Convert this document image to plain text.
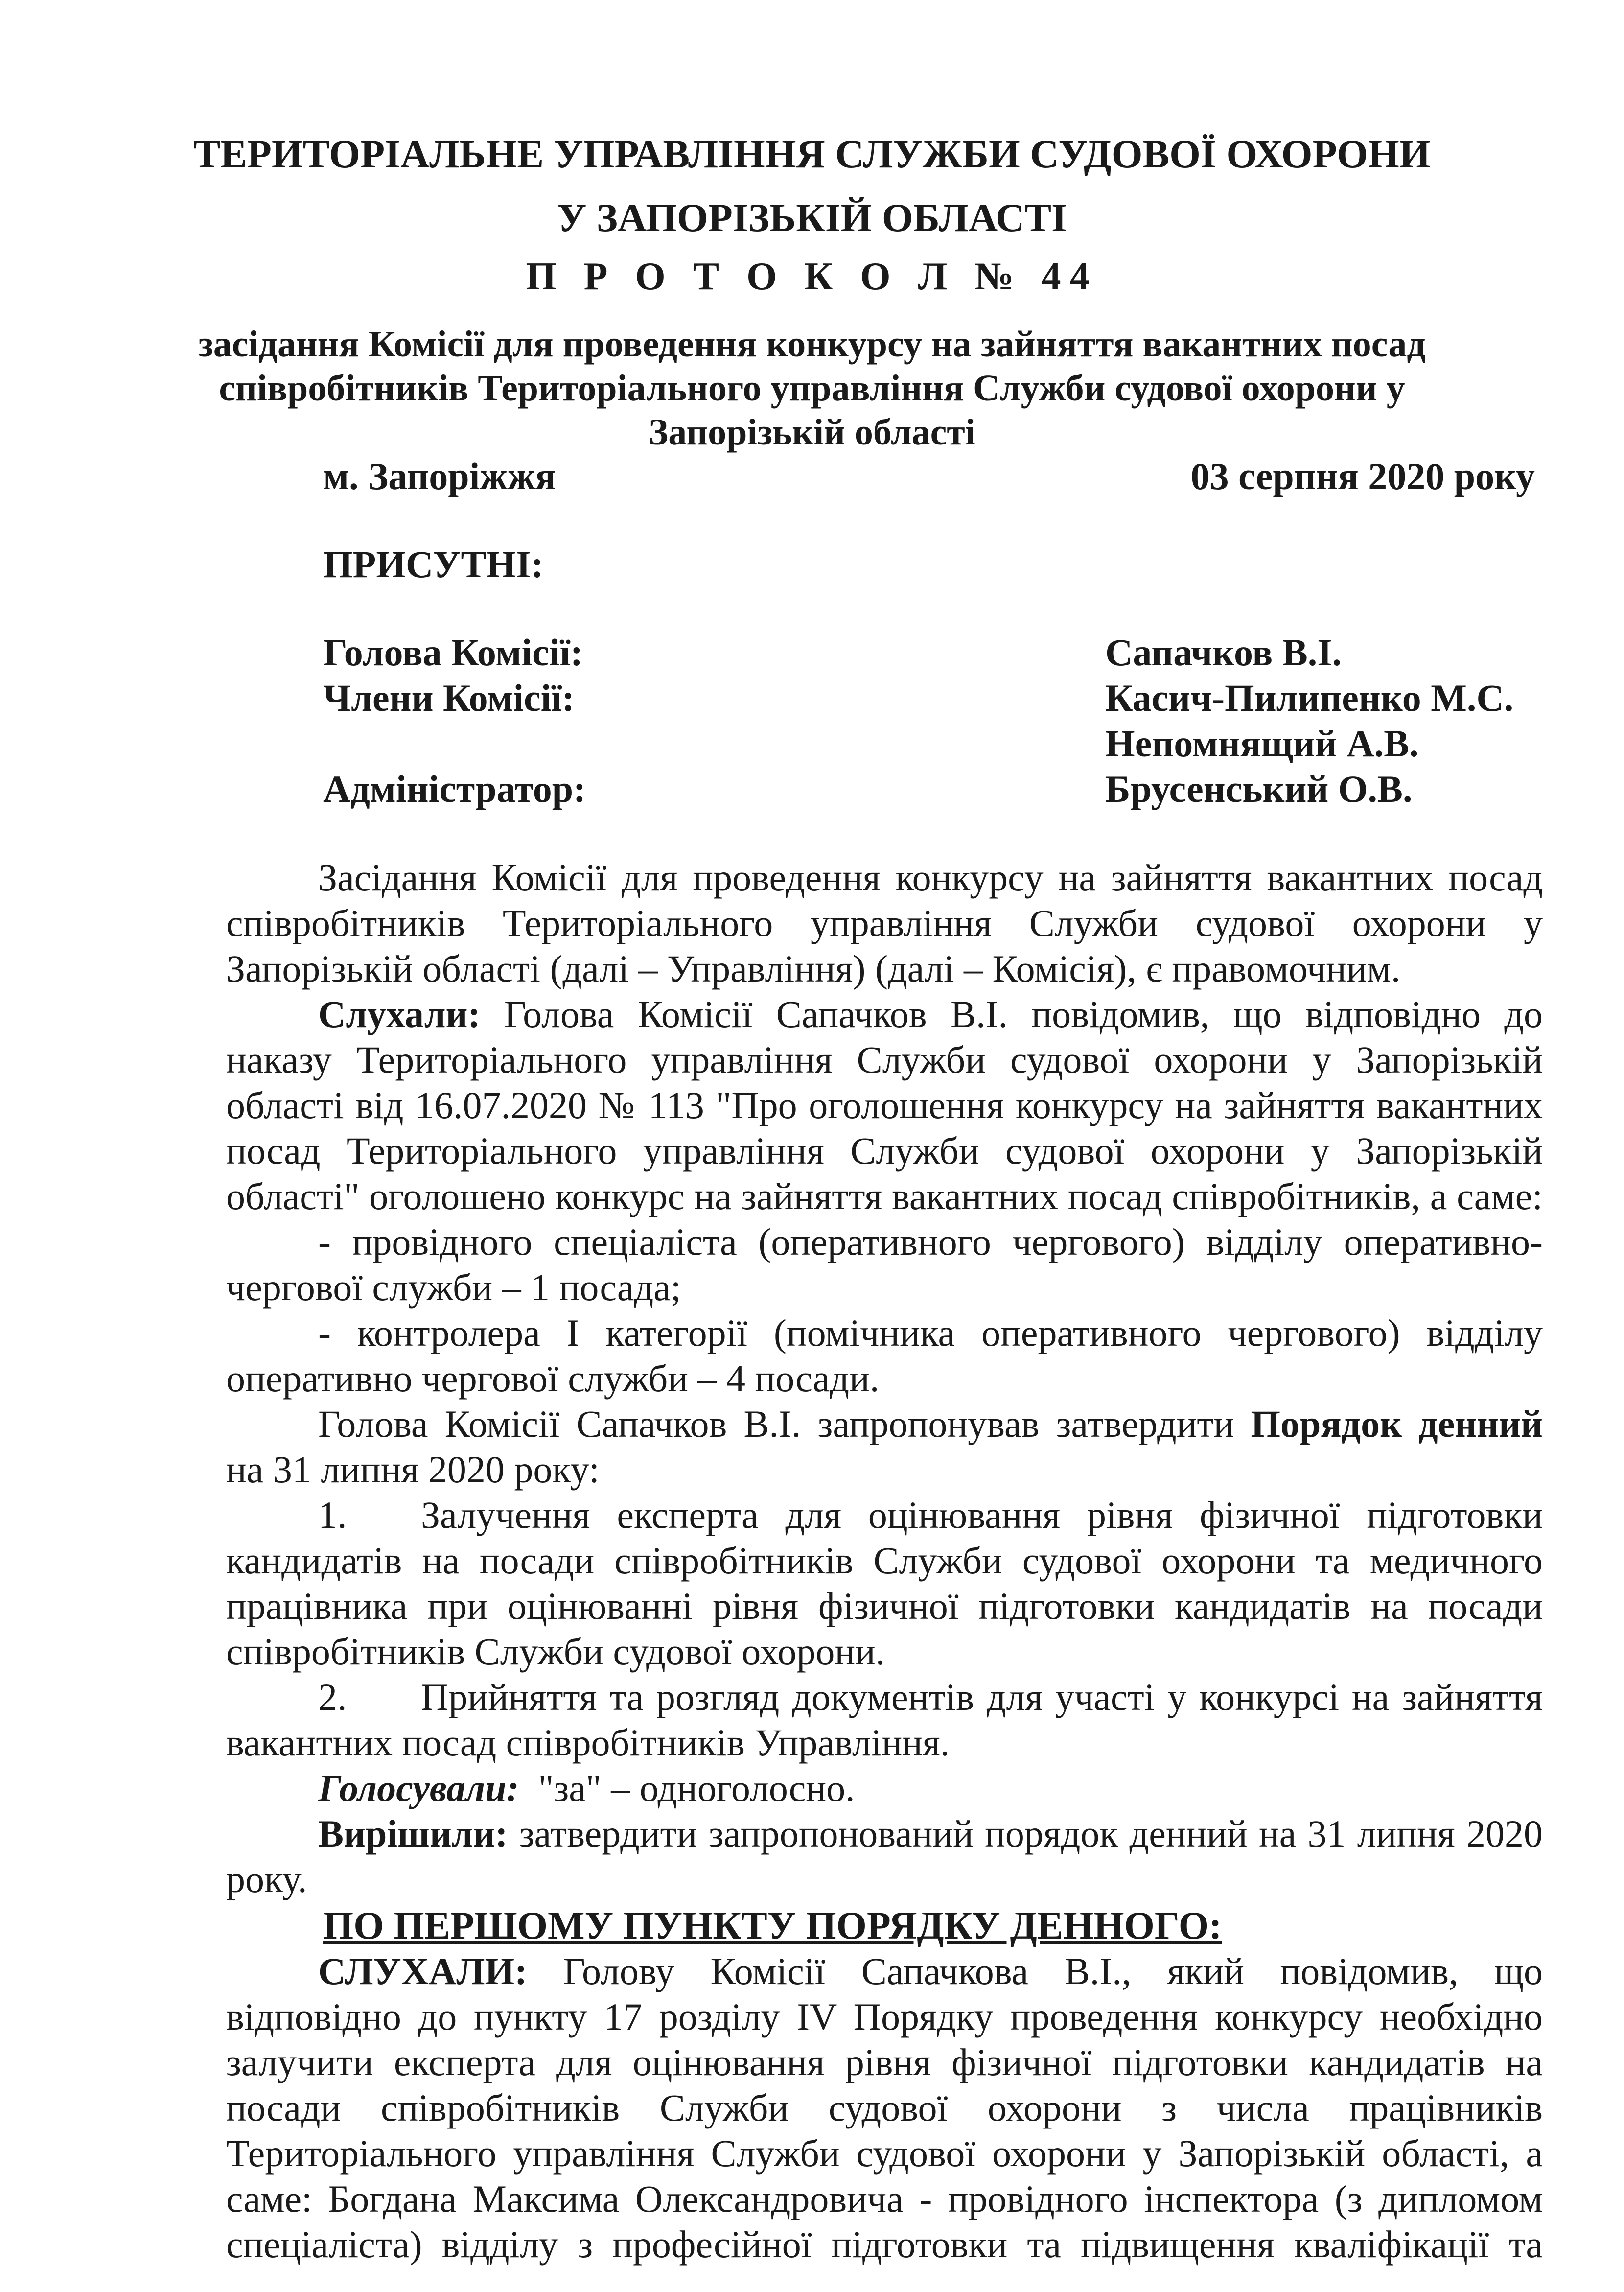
ТЕРИТОРІАЛЬНЕ УПРАВЛІННЯ СЛУЖБИ СУДОВОЇ ОХОРОНИ
У ЗАПОРІЗЬКІЙ ОБЛАСТІ
П Р О Т О К О Л № 44
засідання Комісії для проведення конкурсу на зайняття вакантних посад
співробітників Територіального управління Служби судової охорони у
Запорізькій області
м. Запоріжжя	03 серпня 2020 року
ПРИСУТНІ:
Голова Комісії:	Сапачков В.І.
Члени Комісії:	Касич-Пилипенко М.С.
Непомнящий А.В.
Адміністратор:	Брусенський О.В.
Засідання Комісії для проведення конкурсу на зайняття вакантних посад
співробітників Територіального управління Служби судової охорони у
Запорізькій області (далі – Управління) (далі – Комісія), є правомочним.
Слухали: Голова Комісії Сапачков В.І. повідомив, що відповідно до
наказу Територіального управління Служби судової охорони у Запорізькій
області від 16.07.2020 № 113 "Про оголошення конкурсу на зайняття вакантних
посад Територіального управління Служби судової охорони у Запорізькій
області" оголошено конкурс на зайняття вакантних посад співробітників, а саме:
- провідного спеціаліста (оперативного чергового) відділу оперативно-
чергової служби – 1 посада;
- контролера І категорії (помічника оперативного чергового) відділу
оперативно чергової служби – 4 посади.
Голова Комісії Сапачков В.І. запропонував затвердити Порядок денний
на 31 липня 2020 року:
1. Залучення експерта для оцінювання рівня фізичної підготовки
кандидатів на посади співробітників Служби судової охорони та медичного
працівника при оцінюванні рівня фізичної підготовки кандидатів на посади
співробітників Служби судової охорони.
2. Прийняття та розгляд документів для участі у конкурсі на зайняття
вакантних посад співробітників Управління.
Голосували: "за" – одноголосно.
Вирішили: затвердити запропонований порядок денний на 31 липня 2020
року.
ПО ПЕРШОМУ ПУНКТУ ПОРЯДКУ ДЕННОГО:
СЛУХАЛИ: Голову Комісії Сапачкова В.І., який повідомив, що
відповідно до пункту 17 розділу IV Порядку проведення конкурсу необхідно
залучити експерта для оцінювання рівня фізичної підготовки кандидатів на
посади співробітників Служби судової охорони з числа працівників
Територіального управління Служби судової охорони у Запорізькій області, а
саме: Богдана Максима Олександровича - провідного інспектора (з дипломом
спеціаліста) відділу з професійної підготовки та підвищення кваліфікації та
